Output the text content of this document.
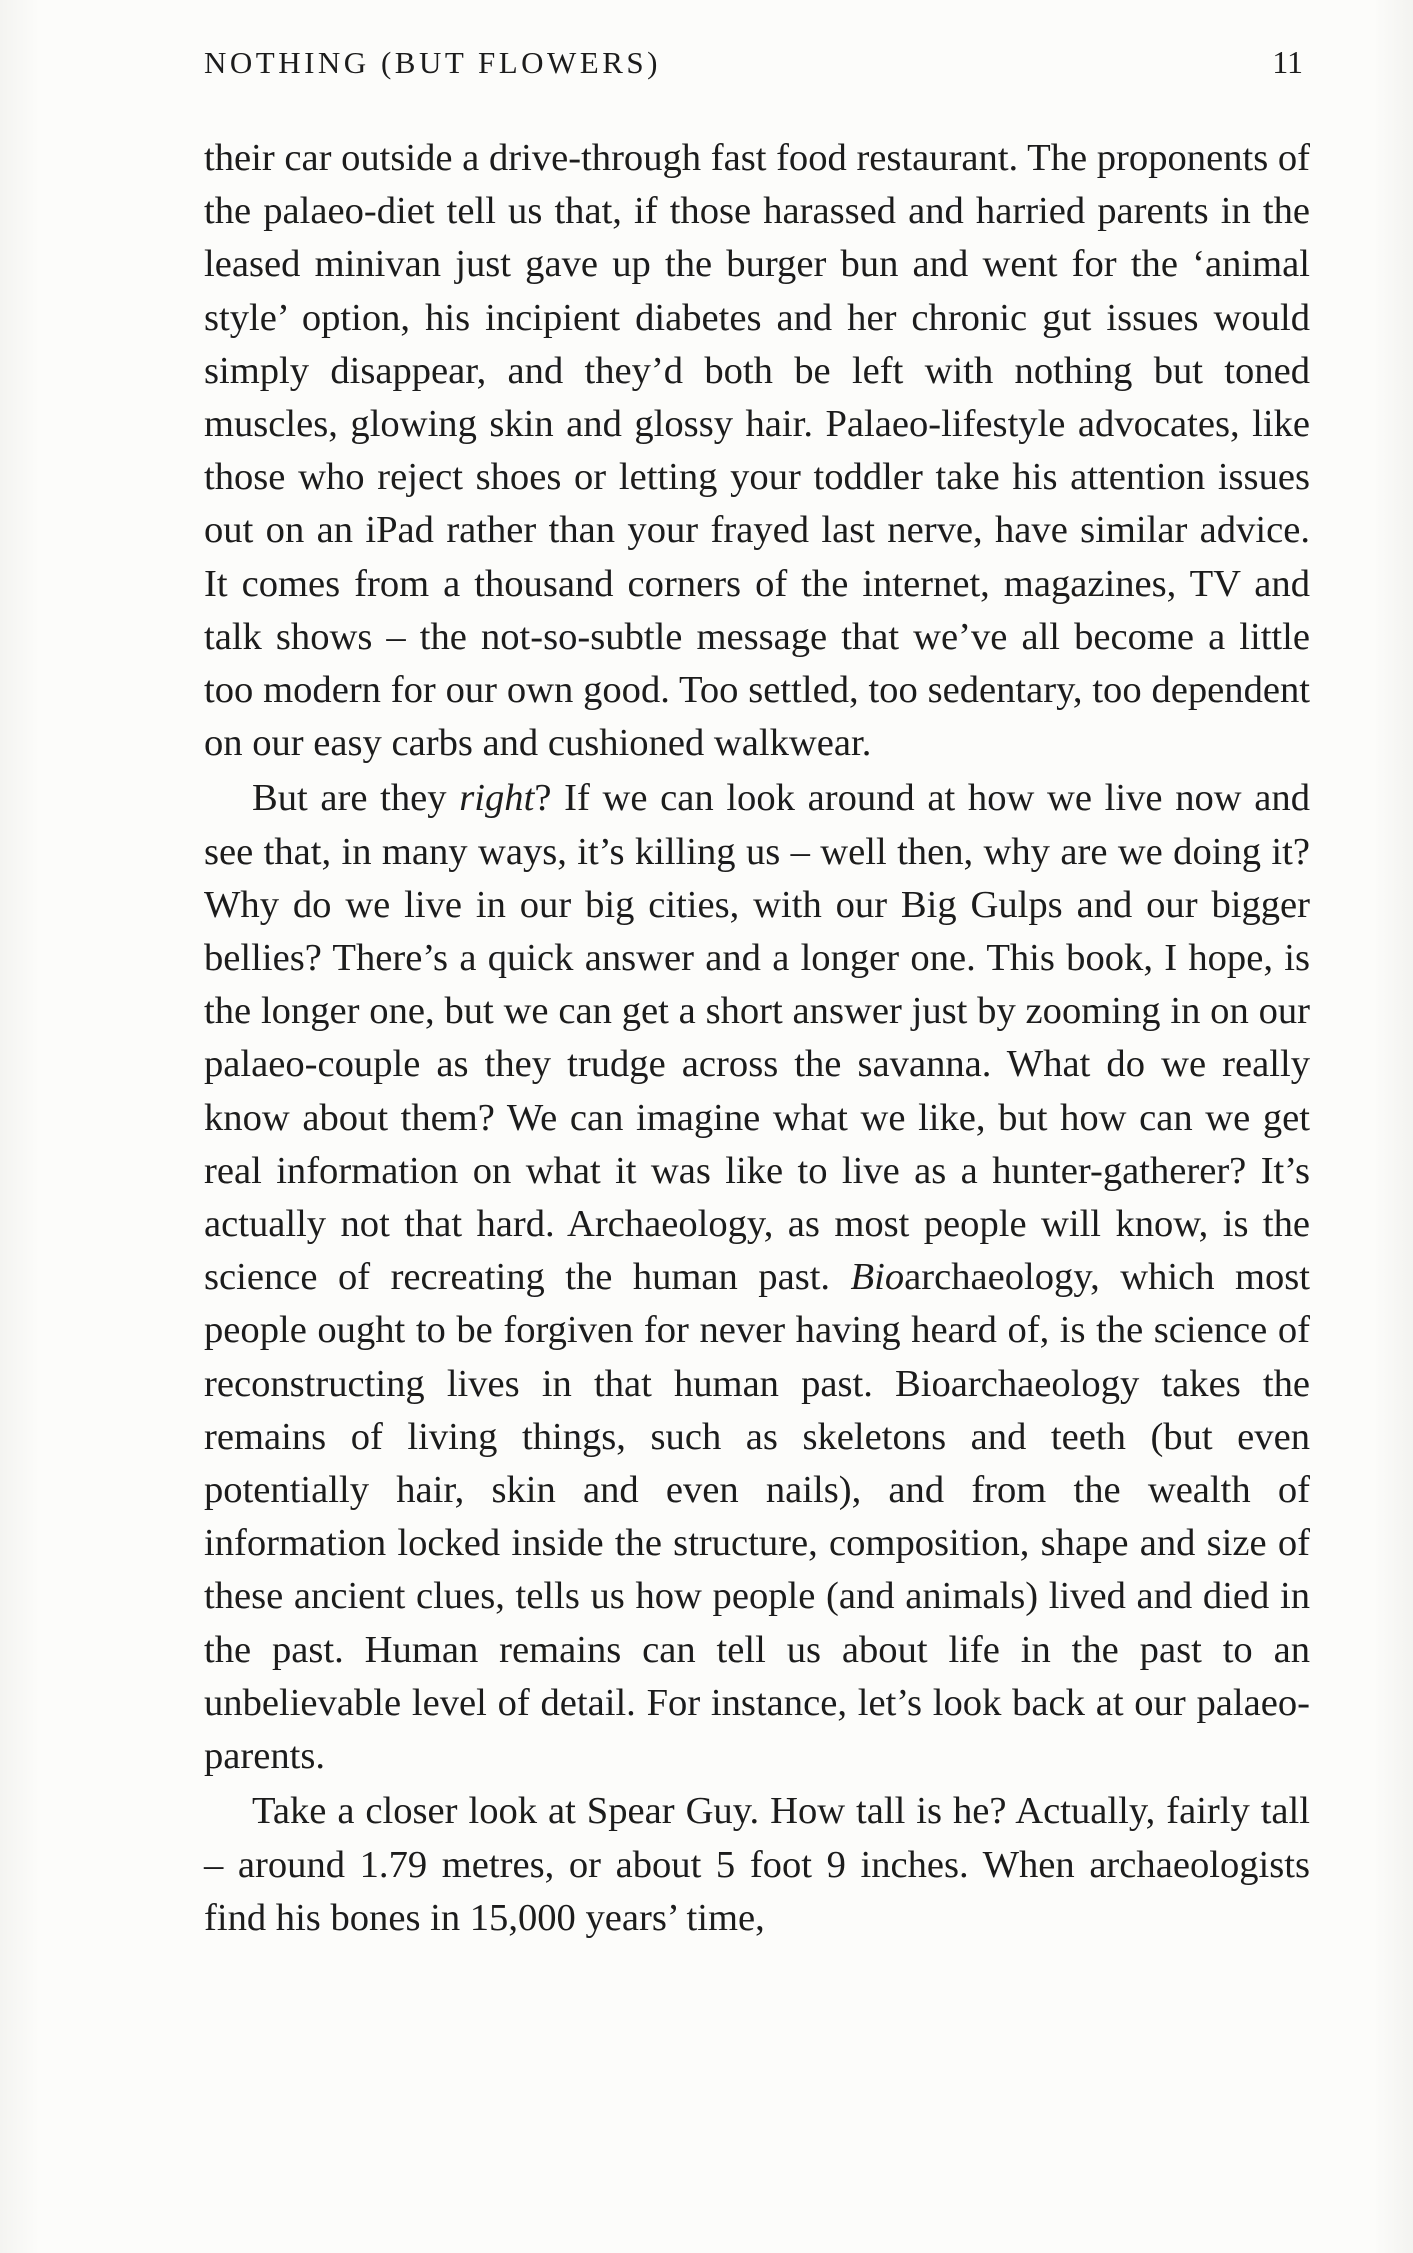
NOTHING (BUT FLOWERS)	11

their car outside a drive-through fast food restaurant. The proponents of the palaeo-diet tell us that, if those harassed and harried parents in the leased minivan just gave up the burger bun and went for the ‘animal style’ option, his incipient diabetes and her chronic gut issues would simply disappear, and they’d both be left with nothing but toned muscles, glowing skin and glossy hair. Palaeo-lifestyle advocates, like those who reject shoes or letting your toddler take his attention issues out on an iPad rather than your frayed last nerve, have similar advice. It comes from a thousand corners of the internet, magazines, TV and talk shows – the not-so-subtle message that we’ve all become a little too modern for our own good. Too settled, too sedentary, too dependent on our easy carbs and cushioned walkwear.

But are they right? If we can look around at how we live now and see that, in many ways, it’s killing us – well then, why are we doing it? Why do we live in our big cities, with our Big Gulps and our bigger bellies? There’s a quick answer and a longer one. This book, I hope, is the longer one, but we can get a short answer just by zooming in on our palaeo-couple as they trudge across the savanna. What do we really know about them? We can imagine what we like, but how can we get real information on what it was like to live as a hunter-gatherer? It’s actually not that hard. Archaeology, as most people will know, is the science of recreating the human past. Bioarchaeology, which most people ought to be forgiven for never having heard of, is the science of reconstructing lives in that human past. Bioarchaeology takes the remains of living things, such as skeletons and teeth (but even potentially hair, skin and even nails), and from the wealth of information locked inside the structure, composition, shape and size of these ancient clues, tells us how people (and animals) lived and died in the past. Human remains can tell us about life in the past to an unbelievable level of detail. For instance, let’s look back at our palaeo-parents.

Take a closer look at Spear Guy. How tall is he? Actually, fairly tall – around 1.79 metres, or about 5 foot 9 inches. When archaeologists find his bones in 15,000 years’ time,
